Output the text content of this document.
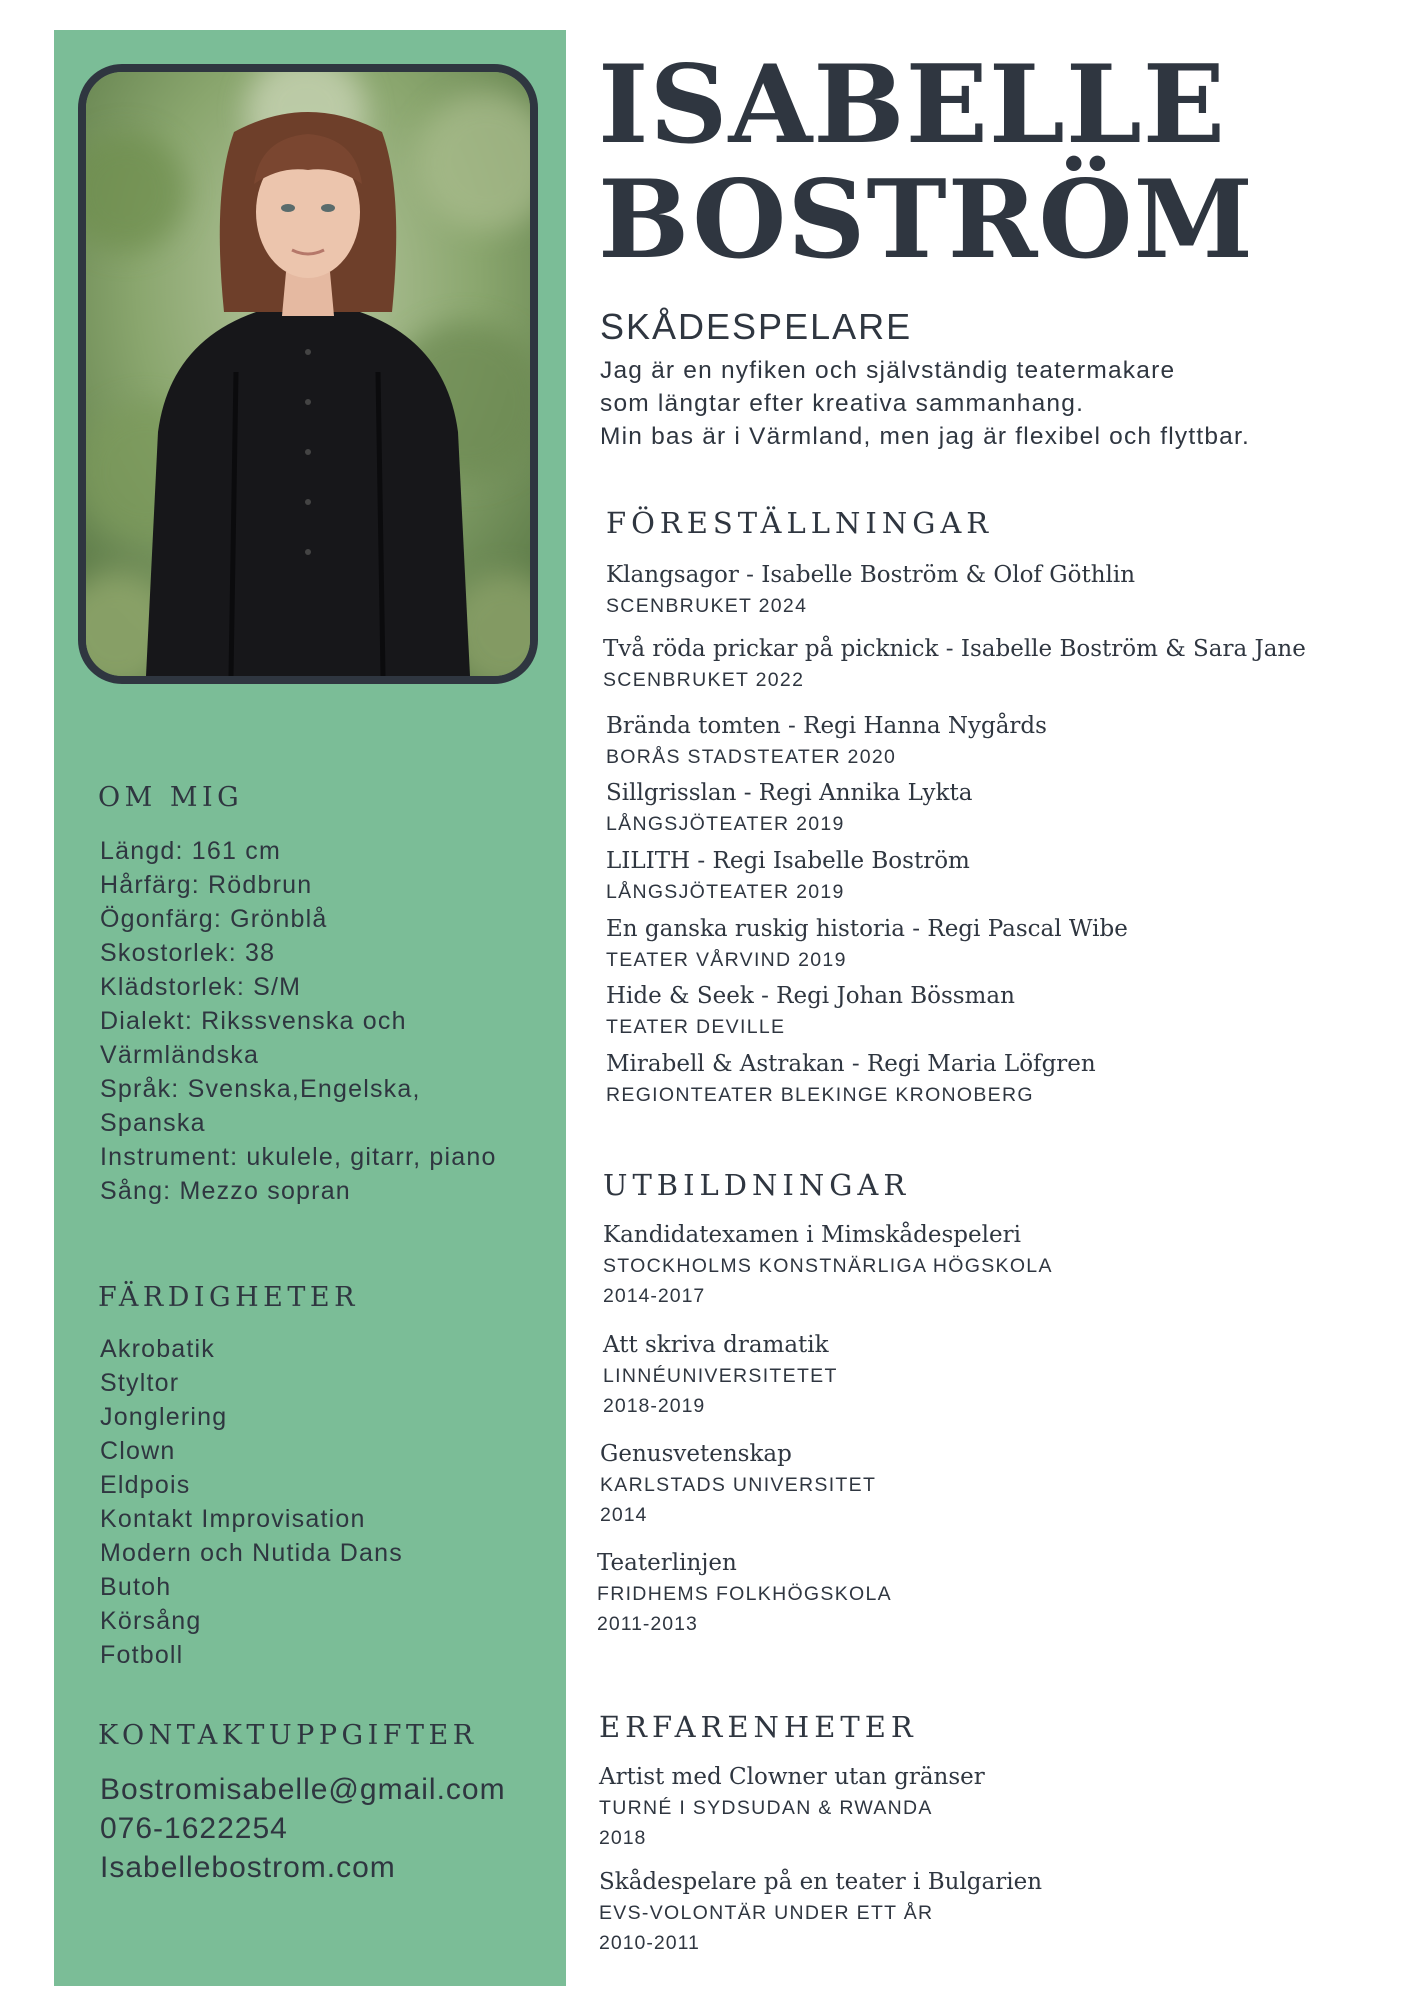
OM MIG
Längd: 161 cm
Hårfärg: Rödbrun
Ögonfärg: Grönblå
Skostorlek: 38
Klädstorlek: S/M
Dialekt: Rikssvenska och Värmländska
Språk: Svenska,Engelska, Spanska
Instrument: ukulele, gitarr, piano
Sång: Mezzo sopran
FÄRDIGHETER
Akrobatik
Styltor
Jonglering
Clown
Eldpois
Kontakt Improvisation
Modern och Nutida Dans
Butoh
Körsång
Fotboll
KONTAKTUPPGIFTER
Bostromisabelle@gmail.com
076-1622254
Isabellebostrom.com
ISABELLE
BOSTRÖM
SKÅDESPELARE

Jag är en nyfiken och självständig teatermakare
som längtar efter kreativa sammanhang.
Min bas är i Värmland, men jag är flexibel och flyttbar.

FÖRESTÄLLNINGAR
Klangsagor - Isabelle Boström & Olof Göthlin
SCENBRUKET 2024
Två röda prickar på picknick - Isabelle Boström & Sara Jane
SCENBRUKET 2022
Brända tomten - Regi Hanna Nygårds
BORÅS STADSTEATER 2020
Sillgrisslan - Regi Annika Lykta
LÅNGSJÖTEATER 2019
LILITH - Regi Isabelle Boström
LÅNGSJÖTEATER 2019
En ganska ruskig historia - Regi Pascal Wibe
TEATER VÅRVIND 2019
Hide & Seek - Regi Johan Bössman
TEATER DEVILLE
Mirabell & Astrakan - Regi Maria Löfgren
REGIONTEATER BLEKINGE KRONOBERG
UTBILDNINGAR
Kandidatexamen i Mimskådespeleri
STOCKHOLMS KONSTNÄRLIGA HÖGSKOLA
2014-2017
Att skriva dramatik
LINNÉUNIVERSITETET
2018-2019
Genusvetenskap
KARLSTADS UNIVERSITET
2014
Teaterlinjen
FRIDHEMS FOLKHÖGSKOLA
2011-2013
ERFARENHETER
Artist med Clowner utan gränser
TURNÉ I SYDSUDAN & RWANDA
2018
Skådespelare på en teater i Bulgarien
EVS-VOLONTÄR UNDER ETT ÅR
2010-2011
